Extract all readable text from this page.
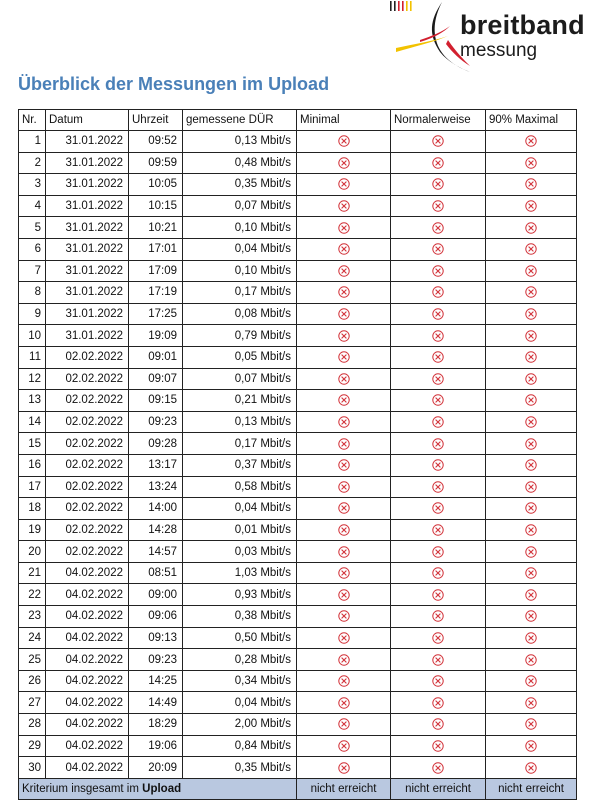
breitband
messung
Überblick der Messungen im Upload
Nr.	Datum	Uhrzeit	gemessene DÜR	Minimal	Normalerweise	90% Maximal
1	31.01.2022	09:52	0,13 Mbit/s			
2	31.01.2022	09:59	0,48 Mbit/s			
3	31.01.2022	10:05	0,35 Mbit/s			
4	31.01.2022	10:15	0,07 Mbit/s			
5	31.01.2022	10:21	0,10 Mbit/s			
6	31.01.2022	17:01	0,04 Mbit/s			
7	31.01.2022	17:09	0,10 Mbit/s			
8	31.01.2022	17:19	0,17 Mbit/s			
9	31.01.2022	17:25	0,08 Mbit/s			
10	31.01.2022	19:09	0,79 Mbit/s			
11	02.02.2022	09:01	0,05 Mbit/s			
12	02.02.2022	09:07	0,07 Mbit/s			
13	02.02.2022	09:15	0,21 Mbit/s			
14	02.02.2022	09:23	0,13 Mbit/s			
15	02.02.2022	09:28	0,17 Mbit/s			
16	02.02.2022	13:17	0,37 Mbit/s			
17	02.02.2022	13:24	0,58 Mbit/s			
18	02.02.2022	14:00	0,04 Mbit/s			
19	02.02.2022	14:28	0,01 Mbit/s			
20	02.02.2022	14:57	0,03 Mbit/s			
21	04.02.2022	08:51	1,03 Mbit/s			
22	04.02.2022	09:00	0,93 Mbit/s			
23	04.02.2022	09:06	0,38 Mbit/s			
24	04.02.2022	09:13	0,50 Mbit/s			
25	04.02.2022	09:23	0,28 Mbit/s			
26	04.02.2022	14:25	0,34 Mbit/s			
27	04.02.2022	14:49	0,04 Mbit/s			
28	04.02.2022	18:29	2,00 Mbit/s			
29	04.02.2022	19:06	0,84 Mbit/s			
30	04.02.2022	20:09	0,35 Mbit/s			
Kriterium insgesamt im Upload				nicht erreicht	nicht erreicht	nicht erreicht
